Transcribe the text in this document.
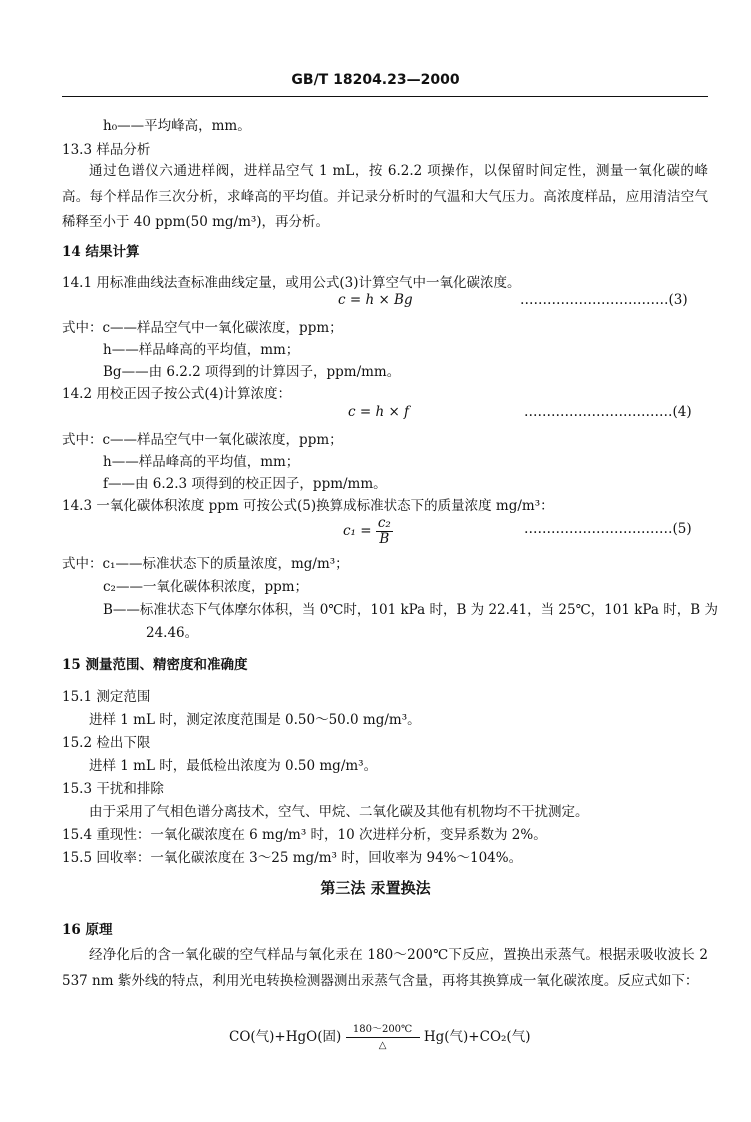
GB/T 18204.23—2000
h₀——平均峰高，mm。
13.3 样品分析
通过色谱仪六通进样阀，进样品空气 1 mL，按 6.2.2 项操作，以保留时间定性，测量一氧化碳的峰高。每个样品作三次分析，求峰高的平均值。并记录分析时的气温和大气压力。高浓度样品，应用清洁空气稀释至小于 40 ppm(50 mg/m³)，再分析。
14 结果计算
14.1 用标准曲线法查标准曲线定量，或用公式(3)计算空气中一氧化碳浓度。
c = h × Bg	……………………………(3)
式中：c——样品空气中一氧化碳浓度，ppm；
h——样品峰高的平均值，mm；
Bg——由 6.2.2 项得到的计算因子，ppm/mm。
14.2 用校正因子按公式(4)计算浓度：
c = h × f	……………………………(4)
式中：c——样品空气中一氧化碳浓度，ppm；
h——样品峰高的平均值，mm；
f——由 6.2.3 项得到的校正因子，ppm/mm。
14.3 一氧化碳体积浓度 ppm 可按公式(5)换算成标准状态下的质量浓度 mg/m³：
$c_1 = \frac{\text{c₂}}{B}$	……………………………(5)
式中：c₁——标准状态下的质量浓度，mg/m³；
c₂——一氧化碳体积浓度，ppm；
B——标准状态下气体摩尔体积，当 0℃时，101 kPa 时，B 为 22.41，当 25℃，101 kPa 时，B 为
24.46。
15 测量范围、精密度和准确度
15.1 测定范围
进样 1 mL 时，测定浓度范围是 0.50～50.0 mg/m³。
15.2 检出下限
进样 1 mL 时，最低检出浓度为 0.50 mg/m³。
15.3 干扰和排除
由于采用了气相色谱分离技术，空气、甲烷、二氧化碳及其他有机物均不干扰测定。
15.4 重现性：一氧化碳浓度在 6 mg/m³ 时，10 次进样分析，变异系数为 2%。
15.5 回收率：一氧化碳浓度在 3～25 mg/m³ 时，回收率为 94%～104%。
第三法 汞置换法
16 原理
经净化后的含一氧化碳的空气样品与氧化汞在 180～200℃下反应，置换出汞蒸气。根据汞吸收波长 2 537 nm 紫外线的特点，利用光电转换检测器测出汞蒸气含量，再将其换算成一氧化碳浓度。反应式如下：
CO(气)+HgO(固) $\frac{180\sim 200℃}{\triangle} Hg$(气)+CO₂(气)
